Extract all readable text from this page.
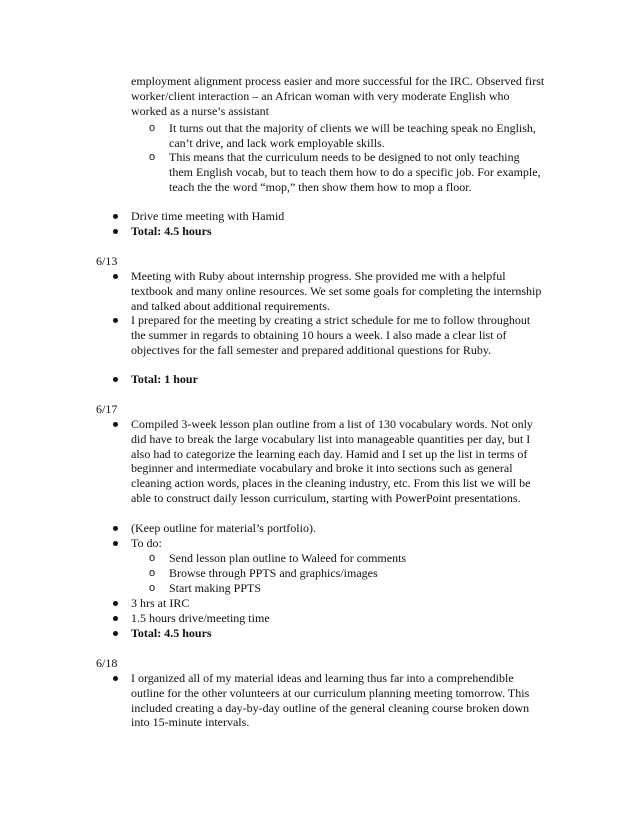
employment alignment process easier and more successful for the IRC. Observed first worker/client interaction – an African woman with very moderate English who worked as a nurse’s assistant
o It turns out that the majority of clients we will be teaching speak no English, can’t drive, and lack work employable skills.
o This means that the curriculum needs to be designed to not only teaching them English vocab, but to teach them how to do a specific job. For example, teach the the word “mop,” then show them how to mop a floor.
Drive time meeting with Hamid
Total: 4.5 hours
6/13
Meeting with Ruby about internship progress. She provided me with a helpful textbook and many online resources. We set some goals for completing the internship and talked about additional requirements.
I prepared for the meeting by creating a strict schedule for me to follow throughout the summer in regards to obtaining 10 hours a week. I also made a clear list of objectives for the fall semester and prepared additional questions for Ruby.
Total: 1 hour
6/17
Compiled 3-week lesson plan outline from a list of 130 vocabulary words. Not only did have to break the large vocabulary list into manageable quantities per day, but I also had to categorize the learning each day. Hamid and I set up the list in terms of beginner and intermediate vocabulary and broke it into sections such as general cleaning action words, places in the cleaning industry, etc. From this list we will be able to construct daily lesson curriculum, starting with PowerPoint presentations.
(Keep outline for material’s portfolio).
To do:
o Send lesson plan outline to Waleed for comments
o Browse through PPTS and graphics/images
o Start making PPTS
3 hrs at IRC
1.5 hours drive/meeting time
Total: 4.5 hours
6/18
I organized all of my material ideas and learning thus far into a comprehendible outline for the other volunteers at our curriculum planning meeting tomorrow. This included creating a day-by-day outline of the general cleaning course broken down into 15-minute intervals.
